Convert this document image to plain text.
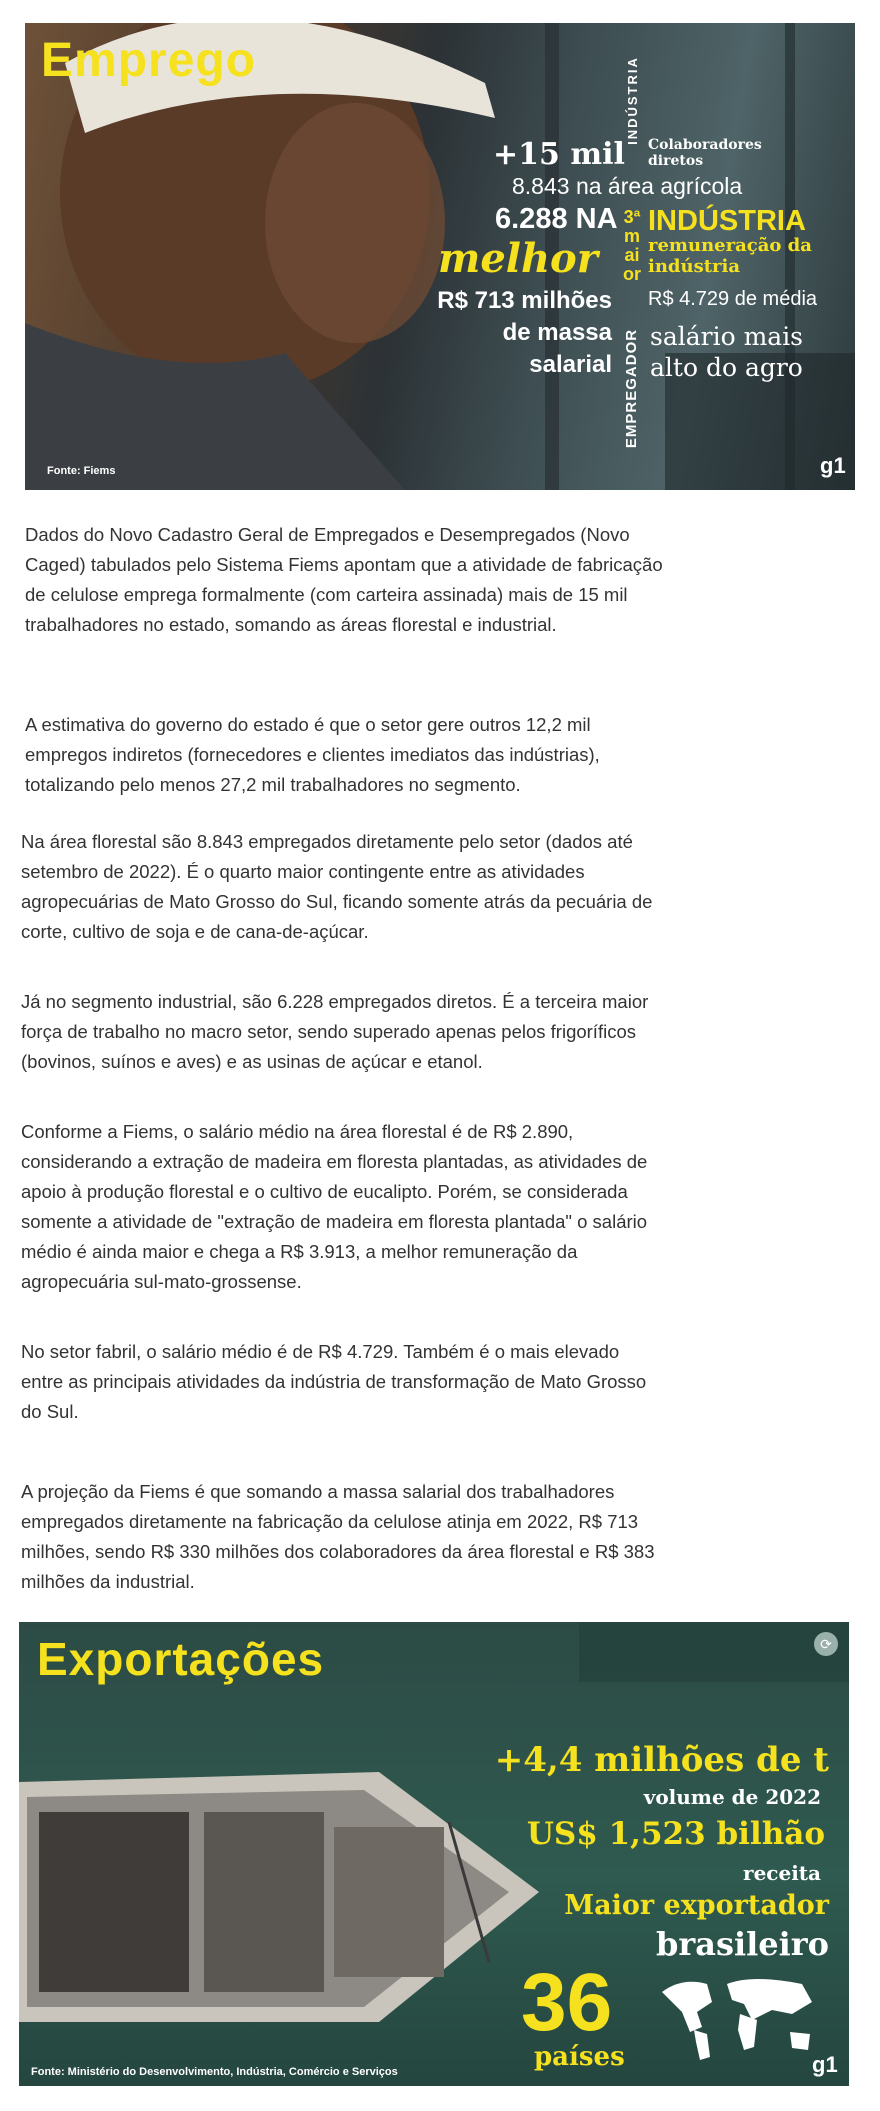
Emprego
Fonte: Fiems	g1
INDÚSTRIA
+15 mil Colaboradores diretos
8.843 na área agrícola
6.288 NA INDÚSTRIA
3ª maior
melhor	remuneração da indústria
R$ 713 milhões de massa salarial
R$ 4.729 de média
EMPREGADOR salário mais alto do agro

Dados do Novo Cadastro Geral de Empregados e Desempregados (Novo Caged) tabulados pelo Sistema Fiems apontam que a atividade de fabricação de celulose emprega formalmente (com carteira assinada) mais de 15 mil trabalhadores no estado, somando as áreas florestal e industrial.

A estimativa do governo do estado é que o setor gere outros 12,2 mil empregos indiretos (fornecedores e clientes imediatos das indústrias), totalizando pelo menos 27,2 mil trabalhadores no segmento.

Na área florestal são 8.843 empregados diretamente pelo setor (dados até setembro de 2022). É o quarto maior contingente entre as atividades agropecuárias de Mato Grosso do Sul, ficando somente atrás da pecuária de corte, cultivo de soja e de cana-de-açúcar.

Já no segmento industrial, são 6.228 empregados diretos. É a terceira maior força de trabalho no macro setor, sendo superado apenas pelos frigoríficos (bovinos, suínos e aves) e as usinas de açúcar e etanol.

Conforme a Fiems, o salário médio na área florestal é de R$ 2.890, considerando a extração de madeira em floresta plantadas, as atividades de apoio à produção florestal e o cultivo de eucalipto. Porém, se considerada somente a atividade de "extração de madeira em floresta plantada" o salário médio é ainda maior e chega a R$ 3.913, a melhor remuneração da agropecuária sul-mato-grossense.

No setor fabril, o salário médio é de R$ 4.729. Também é o mais elevado entre as principais atividades da indústria de transformação de Mato Grosso do Sul.

A projeção da Fiems é que somando a massa salarial dos trabalhadores empregados diretamente na fabricação da celulose atinja em 2022, R$ 713 milhões, sendo R$ 330 milhões dos colaboradores da área florestal e R$ 383 milhões da industrial.

⟳
Exportações
+4,4 milhões de t
volume de 2022
US$ 1,523 bilhão
receita
Maior exportador
brasileiro
36
países
Fonte: Ministério do Desenvolvimento, Indústria, Comércio e Serviços	g1
